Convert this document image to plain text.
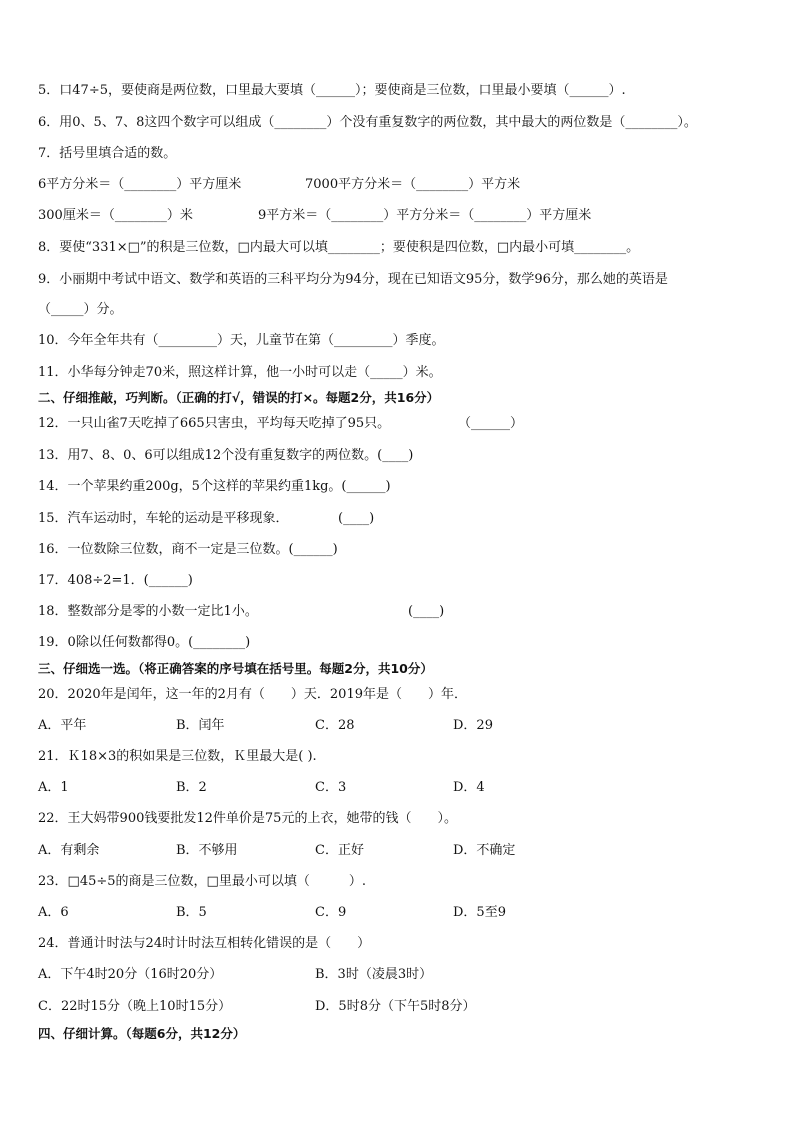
5．口47÷5，要使商是两位数，口里最大要填（______）；要使商是三位数，口里最小要填（______）.
6．用0、5、7、8这四个数字可以组成（________）个没有重复数字的两位数，其中最大的两位数是（________）。
7．括号里填合适的数。
6平方分米＝（________）平方厘米	7000平方分米＝（________）平方米
300厘米＝（________）米	9平方米＝（________）平方分米＝（________）平方厘米
8．要使“331×□”的积是三位数，□内最大可以填________；要使积是四位数，□内最小可填________。
9．小丽期中考试中语文、数学和英语的三科平均分为94分，现在已知语文95分，数学96分，那么她的英语是
（_____）分。
10．今年全年共有（_________）天，儿童节在第（_________）季度。
11．小华每分钟走70米，照这样计算，他一小时可以走（_____）米。
二、仔细推敲，巧判断。（正确的打√，错误的打×。每题2分，共16分）
12．一只山雀7天吃掉了665只害虫，平均每天吃掉了95只。	（______）
13．用7、8、0、6可以组成12个没有重复数字的两位数。(____)
14．一个苹果约重200g，5个这样的苹果约重1kg。(______)
15．汽车运动时，车轮的运动是平移现象．	(____)
16．一位数除三位数，商不一定是三位数。(______)
17．408÷2=1．(______)
18．整数部分是零的小数一定比1小。	(____)
19．0除以任何数都得0。(________)
三、仔细选一选。（将正确答案的序号填在括号里。每题2分，共10分）
20．2020年是闰年，这一年的2月有（　　）天．2019年是（　　）年．
A．平年	B．闰年	C．28	D．29
21．Ｋ18×3的积如果是三位数，Ｋ里最大是( ).
A．1	B．2	C．3	D．4
22．王大妈带900钱要批发12件单价是75元的上衣，她带的钱（　　）。
A．有剩余	B．不够用	C．正好	D．不确定
23．□45÷5的商是三位数，□里最小可以填（　　　）.
A．6	B．5	C．9	D．5至9
24．普通计时法与24时计时法互相转化错误的是（　　）
A．下午4时20分（16时20分）	B．3时（凌晨3时）
C．22时15分（晚上10时15分）	D．5时8分（下午5时8分）
四、仔细计算。（每题6分，共12分）
